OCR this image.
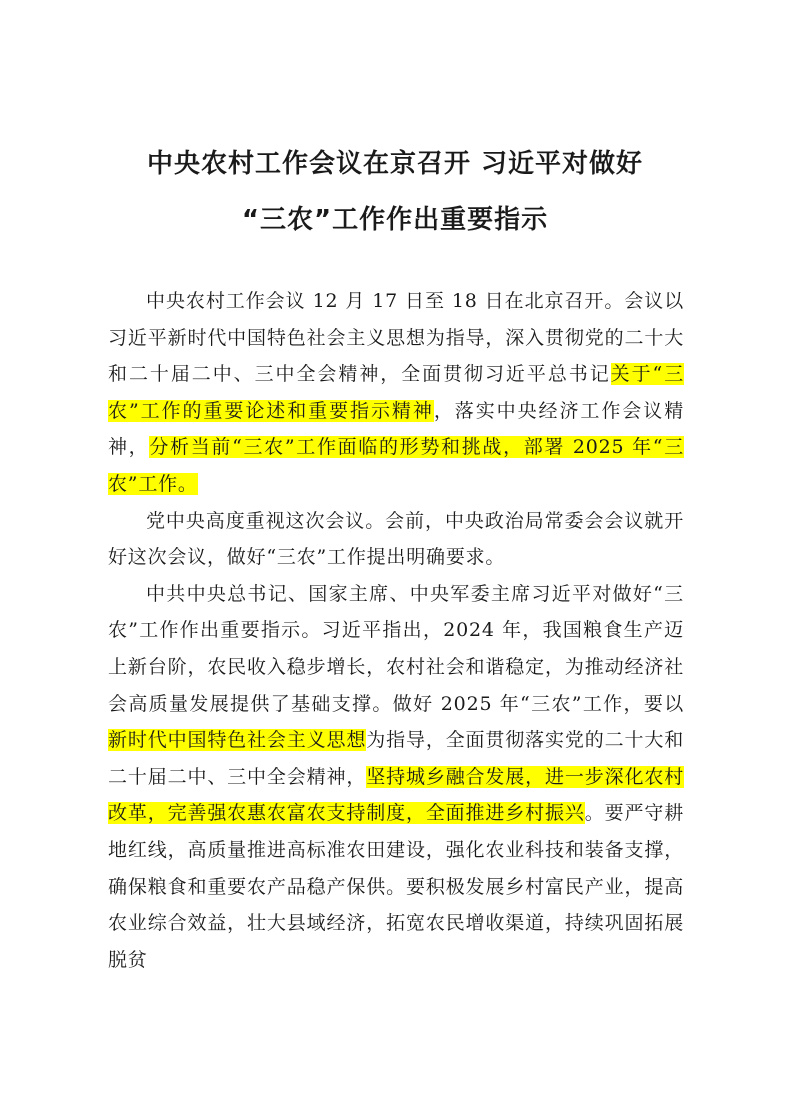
中央农村工作会议在京召开 习近平对做好
“三农”工作作出重要指示

中央农村工作会议 12 月 17 日至 18 日在北京召开。会议以习近平新时代中国特色社会主义思想为指导，深入贯彻党的二十大和二十届二中、三中全会精神，全面贯彻习近平总书记关于“三农”工作的重要论述和重要指示精神，落实中央经济工作会议精神，分析当前“三农”工作面临的形势和挑战，部署 2025 年“三农”工作。

党中央高度重视这次会议。会前，中央政治局常委会会议就开好这次会议，做好“三农”工作提出明确要求。

中共中央总书记、国家主席、中央军委主席习近平对做好“三农”工作作出重要指示。习近平指出，2024 年，我国粮食生产迈上新台阶，农民收入稳步增长，农村社会和谐稳定，为推动经济社会高质量发展提供了基础支撑。做好 2025 年“三农”工作，要以新时代中国特色社会主义思想为指导，全面贯彻落实党的二十大和二十届二中、三中全会精神，坚持城乡融合发展，进一步深化农村改革，完善强农惠农富农支持制度，全面推进乡村振兴。要严守耕地红线，高质量推进高标准农田建设，强化农业科技和装备支撑，确保粮食和重要农产品稳产保供。要积极发展乡村富民产业，提高农业综合效益，壮大县域经济，拓宽农民增收渠道，持续巩固拓展脱贫
